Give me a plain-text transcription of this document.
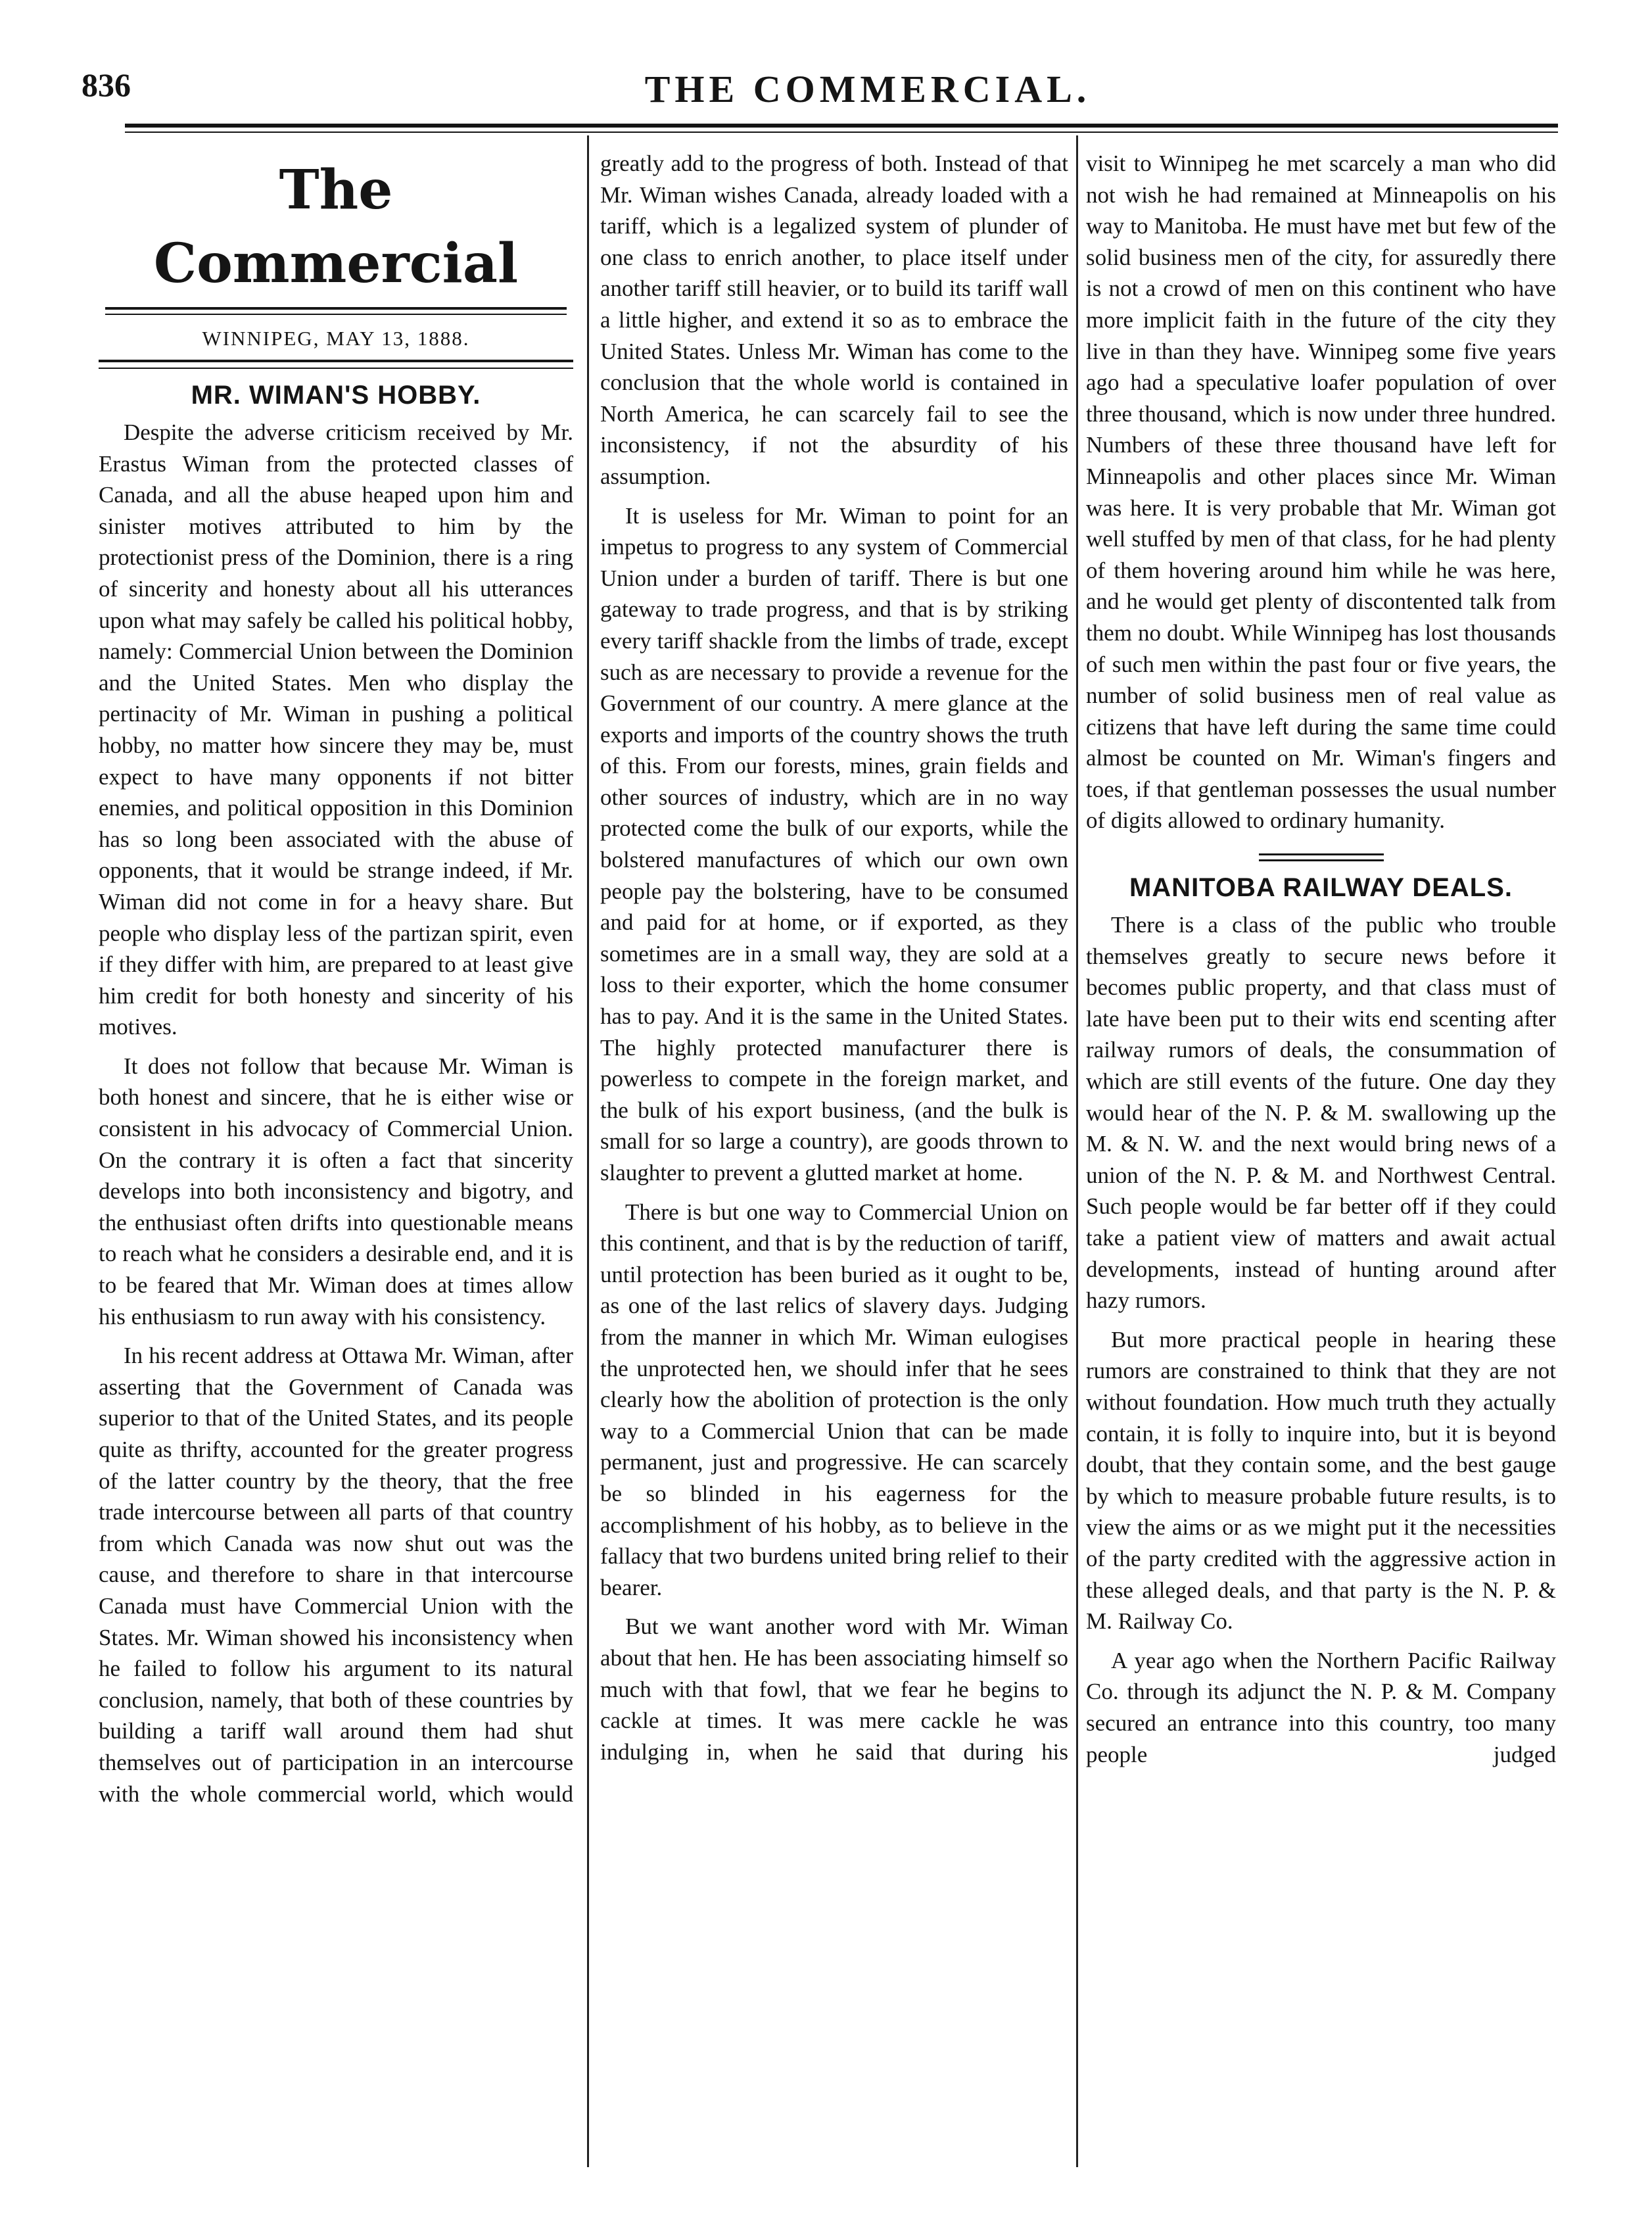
836	THE COMMERCIAL.
The Commercial
WINNIPEG, MAY 13, 1888.
MR. WIMAN'S HOBBY.

Despite the adverse criticism received by Mr. Erastus Wiman from the protected classes of Canada, and all the abuse heaped upon him and sinister motives attributed to him by the protectionist press of the Dominion, there is a ring of sincerity and honesty about all his utterances upon what may safely be called his political hobby, namely: Commercial Union between the Dominion and the United States. Men who display the pertinacity of Mr. Wiman in pushing a political hobby, no matter how sincere they may be, must expect to have many opponents if not bitter enemies, and political opposition in this Dominion has so long been associated with the abuse of opponents, that it would be strange indeed, if Mr. Wiman did not come in for a heavy share. But people who display less of the partizan spirit, even if they differ with him, are prepared to at least give him credit for both honesty and sincerity of his motives.

It does not follow that because Mr. Wiman is both honest and sincere, that he is either wise or consistent in his advocacy of Commercial Union. On the contrary it is often a fact that sincerity develops into both inconsistency and bigotry, and the enthusiast often drifts into questionable means to reach what he considers a desirable end, and it is to be feared that Mr. Wiman does at times allow his enthusiasm to run away with his consistency.

In his recent address at Ottawa Mr. Wiman, after asserting that the Government of Canada was superior to that of the United States, and its people quite as thrifty, accounted for the greater progress of the latter country by the theory, that the free trade intercourse between all parts of that country from which Canada was now shut out was the cause, and therefore to share in that intercourse Canada must have Commercial Union with the States. Mr. Wiman showed his inconsistency when he failed to follow his argument to its natural conclusion, namely, that both of these countries by building a tariff wall around them had shut themselves out of participation in an intercourse with the whole commercial world, which would

greatly add to the progress of both. Instead of that Mr. Wiman wishes Canada, already loaded with a tariff, which is a legalized system of plunder of one class to enrich another, to place itself under another tariff still heavier, or to build its tariff wall a little higher, and extend it so as to embrace the United States. Unless Mr. Wiman has come to the conclusion that the whole world is contained in North America, he can scarcely fail to see the inconsistency, if not the absurdity of his assumption.

It is useless for Mr. Wiman to point for an impetus to progress to any system of Commercial Union under a burden of tariff. There is but one gateway to trade progress, and that is by striking every tariff shackle from the limbs of trade, except such as are necessary to provide a revenue for the Government of our country. A mere glance at the exports and imports of the country shows the truth of this. From our forests, mines, grain fields and other sources of industry, which are in no way protected come the bulk of our exports, while the bolstered manufactures of which our own own people pay the bolstering, have to be consumed and paid for at home, or if exported, as they sometimes are in a small way, they are sold at a loss to their exporter, which the home consumer has to pay. And it is the same in the United States. The highly protected manufacturer there is powerless to compete in the foreign market, and the bulk of his export business, (and the bulk is small for so large a country), are goods thrown to slaughter to prevent a glutted market at home.

There is but one way to Commercial Union on this continent, and that is by the reduction of tariff, until protection has been buried as it ought to be, as one of the last relics of slavery days. Judging from the manner in which Mr. Wiman eulogises the unprotected hen, we should infer that he sees clearly how the abolition of protection is the only way to a Commercial Union that can be made permanent, just and progressive. He can scarcely be so blinded in his eagerness for the accomplishment of his hobby, as to believe in the fallacy that two burdens united bring relief to their bearer.

But we want another word with Mr. Wiman about that hen. He has been associating himself so much with that fowl, that we fear he begins to cackle at times. It was mere cackle he was indulging in, when he said that during his

visit to Winnipeg he met scarcely a man who did not wish he had remained at Minneapolis on his way to Manitoba. He must have met but few of the solid business men of the city, for assuredly there is not a crowd of men on this continent who have more implicit faith in the future of the city they live in than they have. Winnipeg some five years ago had a speculative loafer population of over three thousand, which is now under three hundred. Numbers of these three thousand have left for Minneapolis and other places since Mr. Wiman was here. It is very probable that Mr. Wiman got well stuffed by men of that class, for he had plenty of them hovering around him while he was here, and he would get plenty of discontented talk from them no doubt. While Winnipeg has lost thousands of such men within the past four or five years, the number of solid business men of real value as citizens that have left during the same time could almost be counted on Mr. Wiman's fingers and toes, if that gentleman possesses the usual number of digits allowed to ordinary humanity.

MANITOBA RAILWAY DEALS.

There is a class of the public who trouble themselves greatly to secure news before it becomes public property, and that class must of late have been put to their wits end scenting after railway rumors of deals, the consummation of which are still events of the future. One day they would hear of the N. P. & M. swallowing up the M. & N. W. and the next would bring news of a union of the N. P. & M. and Northwest Central. Such people would be far better off if they could take a patient view of matters and await actual developments, instead of hunting around after hazy rumors.

But more practical people in hearing these rumors are constrained to think that they are not without foundation. How much truth they actually contain, it is folly to inquire into, but it is beyond doubt, that they contain some, and the best gauge by which to measure probable future results, is to view the aims or as we might put it the necessities of the party credited with the aggressive action in these alleged deals, and that party is the N. P. & M. Railway Co.

A year ago when the Northern Pacific Railway Co. through its adjunct the N. P. & M. Company secured an entrance into this country, too many people judged
